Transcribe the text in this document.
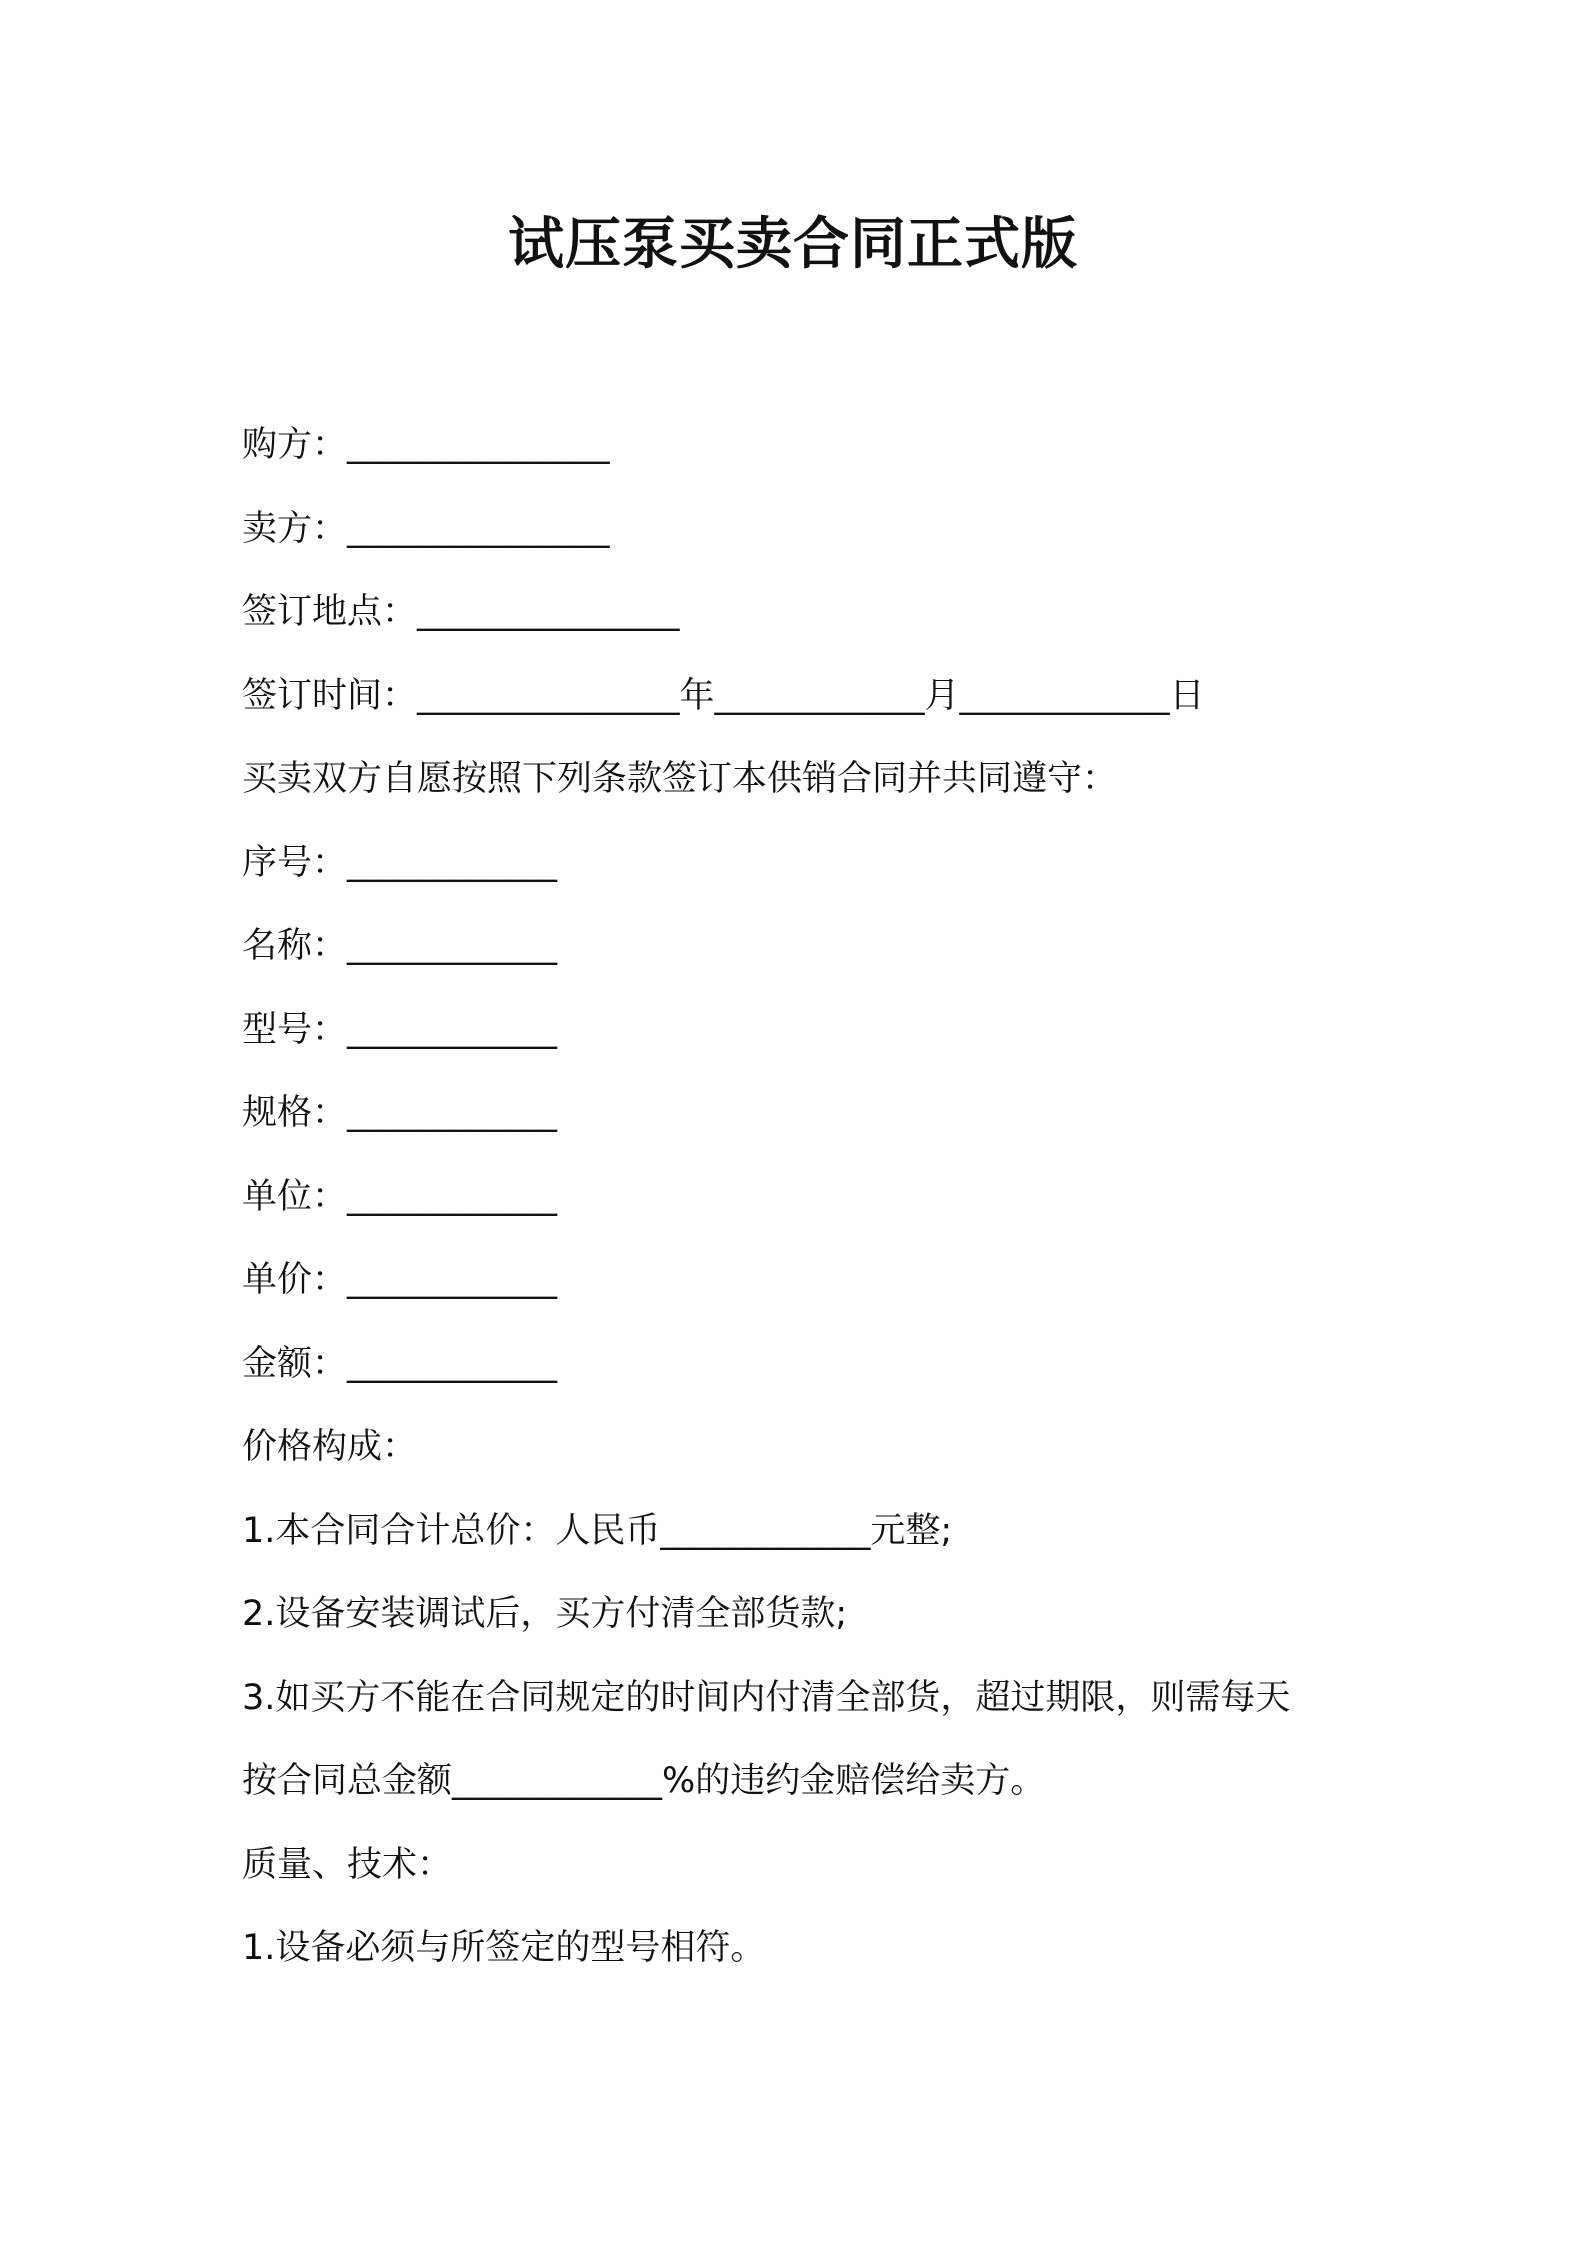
试压泵买卖合同正式版
购方：_______________
卖方：_______________
签订地点：_______________
签订时间：_______________年____________月____________日
买卖双方自愿按照下列条款签订本供销合同并共同遵守：
序号：____________
名称：____________
型号：____________
规格：____________
单位：____________
单价：____________
金额：____________
价格构成：
1.本合同合计总价：人民币____________元整;
2.设备安装调试后，买方付清全部货款;
3.如买方不能在合同规定的时间内付清全部货，超过期限，则需每天
按合同总金额____________%的违约金赔偿给卖方。
质量、技术：
1.设备必须与所签定的型号相符。
